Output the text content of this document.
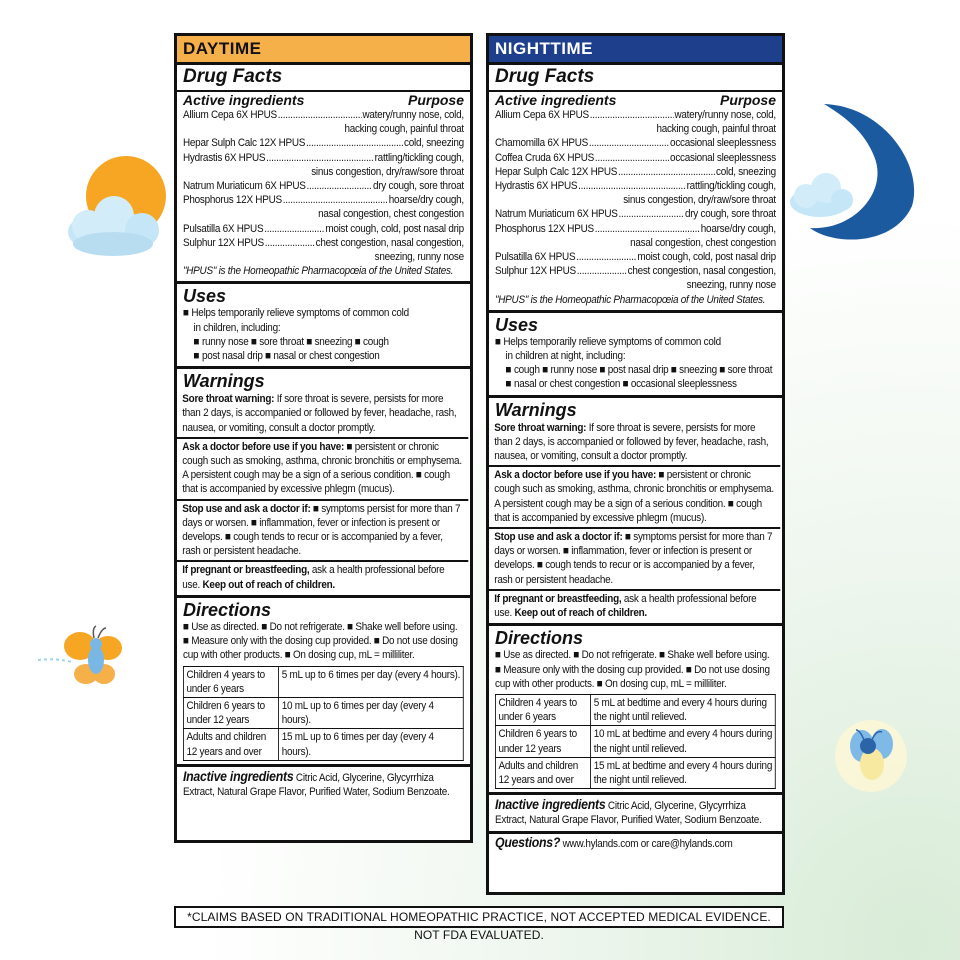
DAYTIME
Drug Facts
Active ingredients	Purpose
Allium Cepa 6X HPUS .....	watery/runny nose, cold,
hacking cough, painful throat
Hepar Sulph Calc 12X HPUS .....	cold, sneezing
Hydrastis 6X HPUS .....	rattling/tickling cough,
sinus congestion, dry/raw/sore throat
Natrum Muriaticum 6X HPUS .....	dry cough, sore throat
Phosphorus 12X HPUS .....	hoarse/dry cough,
nasal congestion, chest congestion
Pulsatilla 6X HPUS .....	moist cough, cold, post nasal drip
Sulphur 12X HPUS .....	chest congestion, nasal congestion,
sneezing, runny nose
"HPUS" is the Homeopathic Pharmacopœia of the United States.
Uses
■ Helps temporarily relieve symptoms of common cold
in children, including:
■ runny nose ■ sore throat ■ sneezing ■ cough
■ post nasal drip ■ nasal or chest congestion
Warnings
Sore throat warning: If sore throat is severe, persists for more than 2 days, is accompanied or followed by fever, headache, rash, nausea, or vomiting, consult a doctor promptly.
Ask a doctor before use if you have: ■ persistent or chronic cough such as smoking, asthma, chronic bronchitis or emphysema. A persistent cough may be a sign of a serious condition. ■ cough that is accompanied by excessive phlegm (mucus).
Stop use and ask a doctor if: ■ symptoms persist for more than 7 days or worsen. ■ inflammation, fever or infection is present or develops. ■ cough tends to recur or is accompanied by a fever, rash or persistent headache.
If pregnant or breastfeeding, ask a health professional before use. Keep out of reach of children.
Directions
■ Use as directed. ■ Do not refrigerate. ■ Shake well before using. ■ Measure only with the dosing cup provided. ■ Do not use dosing cup with other products. ■ On dosing cup, mL = milliliter.
Children 4 years to under 6 years	5 mL up to 6 times per day (every 4 hours).
Children 6 years to under 12 years	10 mL up to 6 times per day (every 4 hours).
Adults and children 12 years and over	15 mL up to 6 times per day (every 4 hours).
Inactive ingredients Citric Acid, Glycerine, Glycyrrhiza Extract, Natural Grape Flavor, Purified Water, Sodium Benzoate.
NIGHTTIME
Drug Facts
Active ingredients	Purpose
Allium Cepa 6X HPUS .....	watery/runny nose, cold,
hacking cough, painful throat
Chamomilla 6X HPUS .....	occasional sleeplessness
Coffea Cruda 6X HPUS .....	occasional sleeplessness
Hepar Sulph Calc 12X HPUS .....	cold, sneezing
Hydrastis 6X HPUS .....	rattling/tickling cough,
sinus congestion, dry/raw/sore throat
Natrum Muriaticum 6X HPUS .....	dry cough, sore throat
Phosphorus 12X HPUS .....	hoarse/dry cough,
nasal congestion, chest congestion
Pulsatilla 6X HPUS .....	moist cough, cold, post nasal drip
Sulphur 12X HPUS .....	chest congestion, nasal congestion,
sneezing, runny nose
"HPUS" is the Homeopathic Pharmacopœia of the United States.
Uses
■ Helps temporarily relieve symptoms of common cold
in children at night, including:
■ cough ■ runny nose ■ post nasal drip ■ sneezing ■ sore throat
■ nasal or chest congestion ■ occasional sleeplessness
Warnings
Sore throat warning: If sore throat is severe, persists for more than 2 days, is accompanied or followed by fever, headache, rash, nausea, or vomiting, consult a doctor promptly.
Ask a doctor before use if you have: ■ persistent or chronic cough such as smoking, asthma, chronic bronchitis or emphysema. A persistent cough may be a sign of a serious condition. ■ cough that is accompanied by excessive phlegm (mucus).
Stop use and ask a doctor if: ■ symptoms persist for more than 7 days or worsen. ■ inflammation, fever or infection is present or develops. ■ cough tends to recur or is accompanied by a fever, rash or persistent headache.
If pregnant or breastfeeding, ask a health professional before use. Keep out of reach of children.
Directions
■ Use as directed. ■ Do not refrigerate. ■ Shake well before using. ■ Measure only with the dosing cup provided. ■ Do not use dosing cup with other products. ■ On dosing cup, mL = milliliter.
Children 4 years to under 6 years	5 mL at bedtime and every 4 hours during the night until relieved.
Children 6 years to under 12 years	10 mL at bedtime and every 4 hours during the night until relieved.
Adults and children 12 years and over	15 mL at bedtime and every 4 hours during the night until relieved.
Inactive ingredients Citric Acid, Glycerine, Glycyrrhiza Extract, Natural Grape Flavor, Purified Water, Sodium Benzoate.
Questions? www.hylands.com or care@hylands.com
*CLAIMS BASED ON TRADITIONAL HOMEOPATHIC PRACTICE, NOT ACCEPTED MEDICAL EVIDENCE. NOT FDA EVALUATED.
